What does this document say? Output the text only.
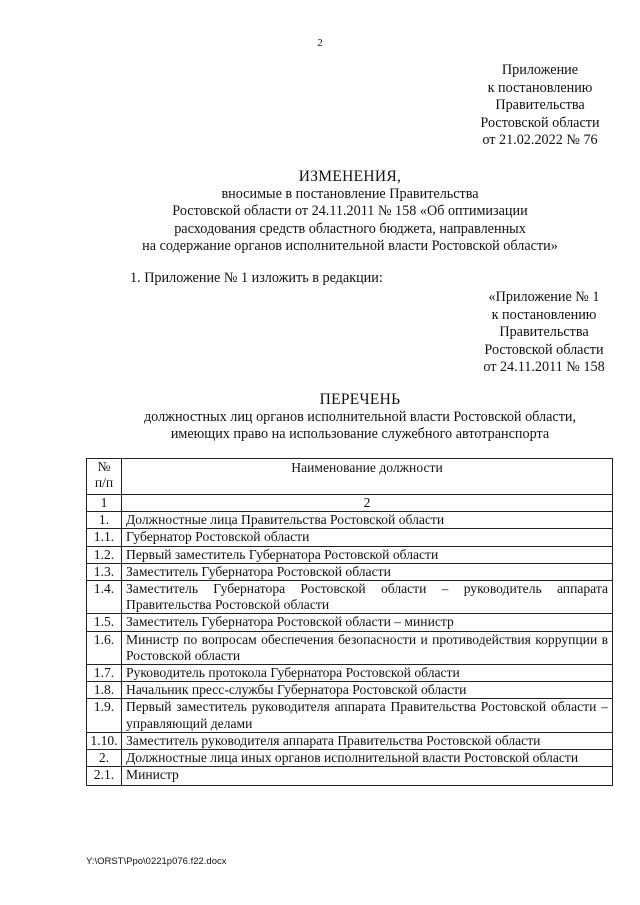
2
Приложение
к постановлению
Правительства
Ростовской области
от 21.02.2022 № 76
ИЗМЕНЕНИЯ,
вносимые в постановление Правительства
Ростовской области от 24.11.2011 № 158 «Об оптимизации
расходования средств областного бюджета, направленных
на содержание органов исполнительной власти Ростовской области»
1. Приложение № 1 изложить в редакции:
«Приложение № 1
к постановлению
Правительства
Ростовской области
от 24.11.2011 № 158
ПЕРЕЧЕНЬ
должностных лиц органов исполнительной власти Ростовской области,
имеющих право на использование служебного автотранспорта
№
п/п	Наименование должности
1	2
1.	Должностные лица Правительства Ростовской области
1.1.	Губернатор Ростовской области
1.2.	Первый заместитель Губернатора Ростовской области
1.3.	Заместитель Губернатора Ростовской области
1.4.	Заместитель Губернатора Ростовской области – руководитель аппарата Правительства Ростовской области
1.5.	Заместитель Губернатора Ростовской области – министр
1.6.	Министр по вопросам обеспечения безопасности и противодействия коррупции в Ростовской области
1.7.	Руководитель протокола Губернатора Ростовской области
1.8.	Начальник пресс-службы Губернатора Ростовской области
1.9.	Первый заместитель руководителя аппарата Правительства Ростовской области – управляющий делами
1.10.	Заместитель руководителя аппарата Правительства Ростовской области
2.	Должностные лица иных органов исполнительной власти Ростовской области
2.1.	Министр
Y:\ORST\Ppo\0221p076.f22.docx
